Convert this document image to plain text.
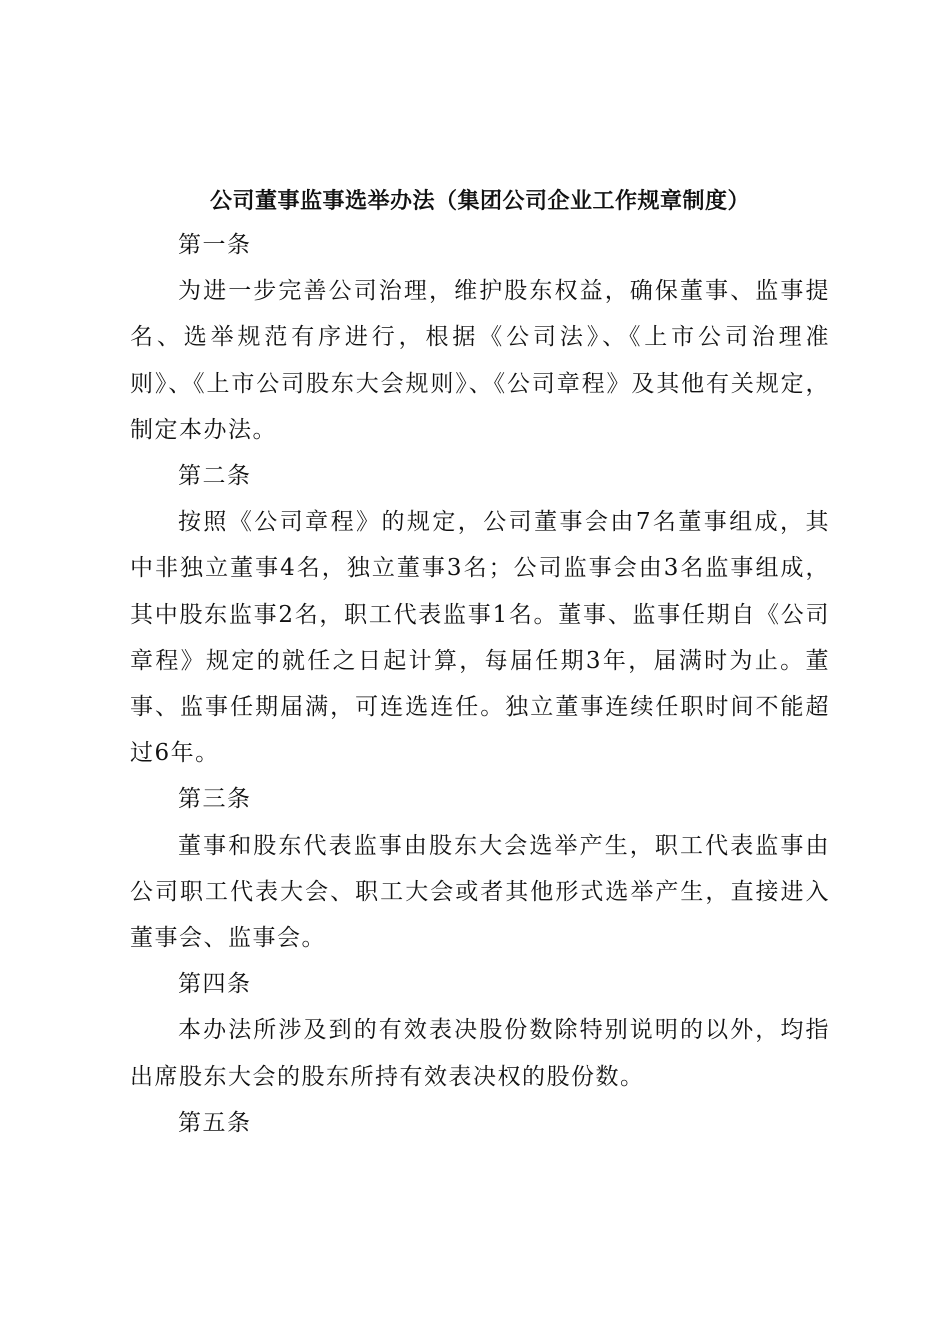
公司董事监事选举办法（集团公司企业工作规章制度）

第一条

为进一步完善公司治理，维护股东权益，确保董事、监事提名、选举规范有序进行，根据《公司法》、《上市公司治理准则》、《上市公司股东大会规则》、《公司章程》及其他有关规定，制定本办法。

第二条

按照《公司章程》的规定，公司董事会由7名董事组成，其中非独立董事4名，独立董事3名；公司监事会由3名监事组成，其中股东监事2名，职工代表监事1名。董事、监事任期自《公司章程》规定的就任之日起计算，每届任期3年，届满时为止。董事、监事任期届满，可连选连任。独立董事连续任职时间不能超过6年。

第三条

董事和股东代表监事由股东大会选举产生，职工代表监事由公司职工代表大会、职工大会或者其他形式选举产生，直接进入董事会、监事会。

第四条

本办法所涉及到的有效表决股份数除特别说明的以外，均指出席股东大会的股东所持有效表决权的股份数。

第五条
